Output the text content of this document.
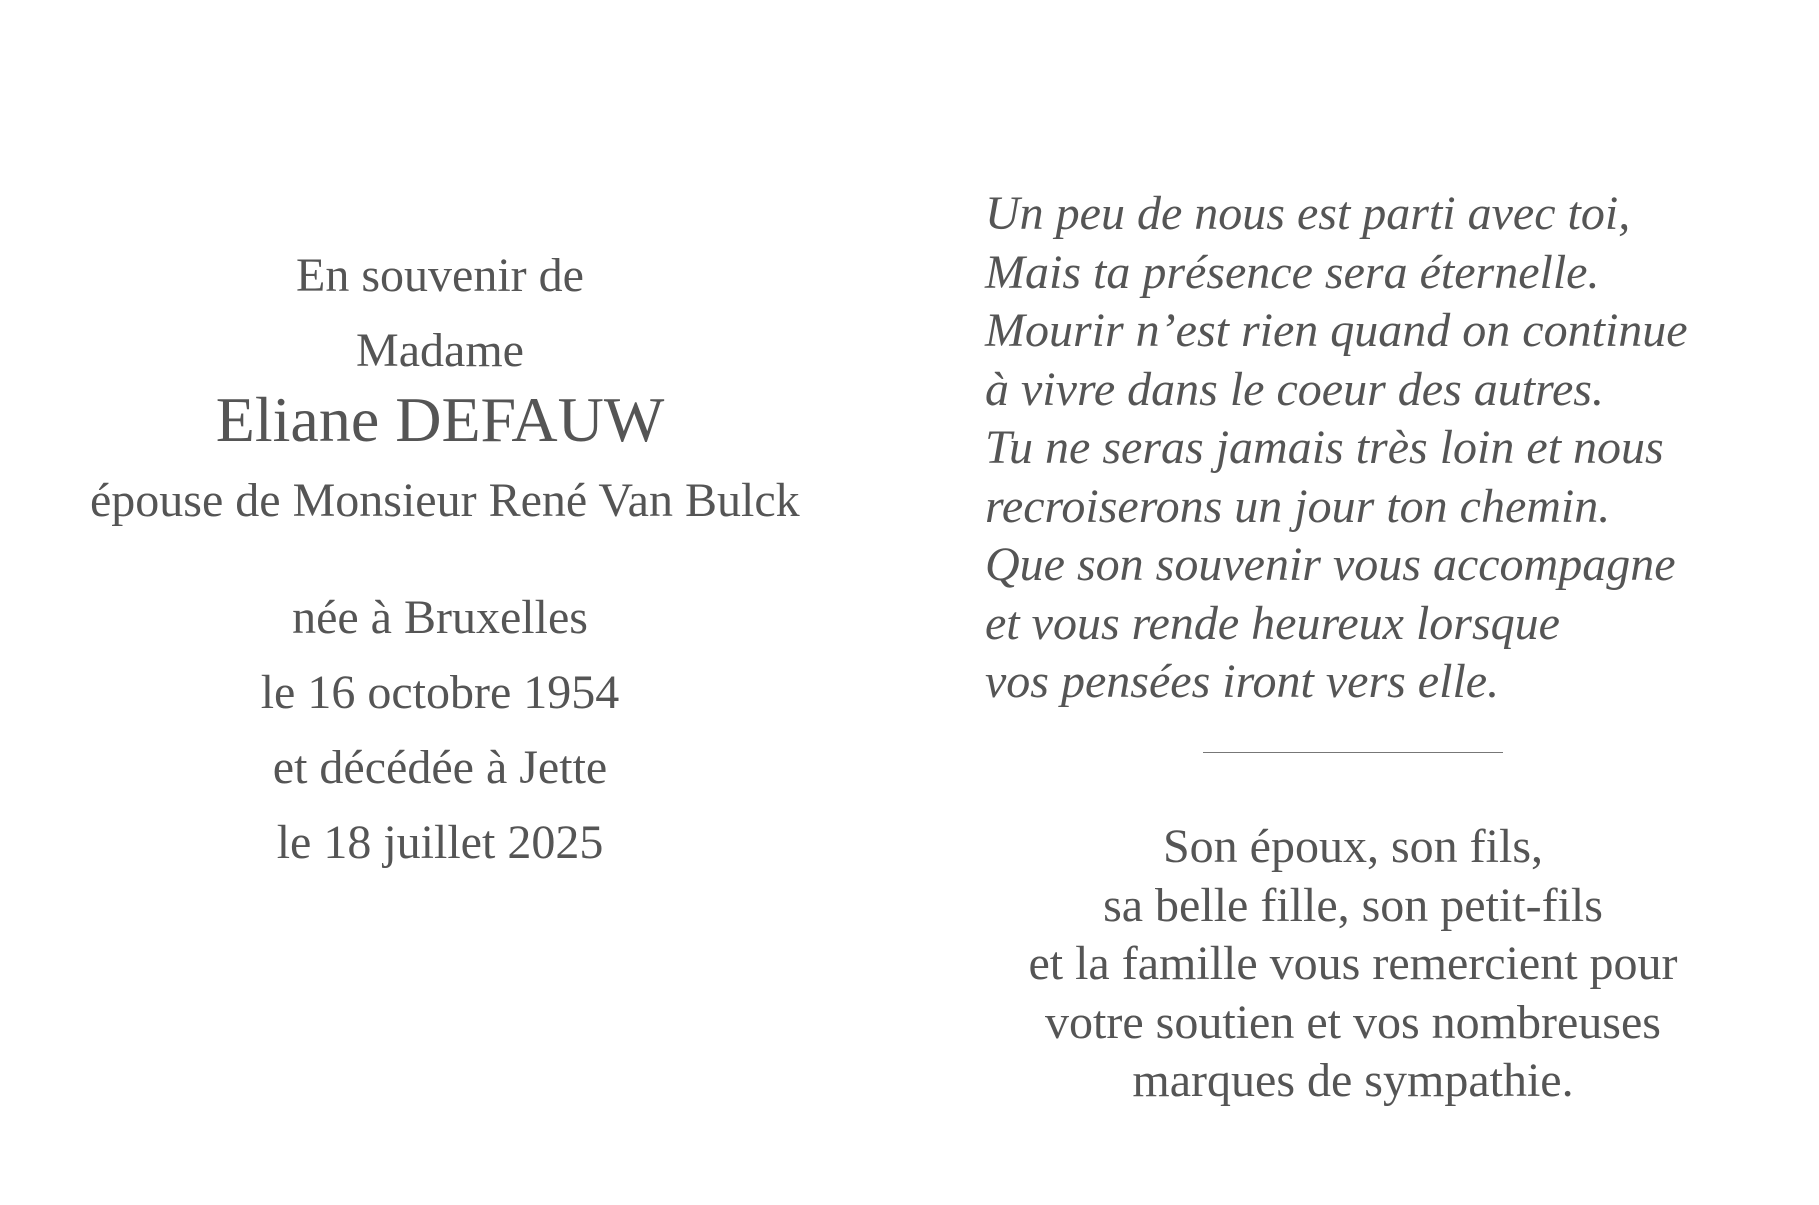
En souvenir de
Madame
Eliane DEFAUW
épouse de Monsieur René Van Bulck
née à Bruxelles
le 16 octobre 1954
et décédée à Jette
le 18 juillet 2025
Un peu de nous est parti avec toi,
Mais ta présence sera éternelle.
Mourir n’est rien quand on continue
à vivre dans le coeur des autres.
Tu ne seras jamais très loin et nous
recroiserons un jour ton chemin.
Que son souvenir vous accompagne
et vous rende heureux lorsque
vos pensées iront vers elle.
Son époux, son fils,
sa belle fille, son petit-fils
et la famille vous remercient pour
votre soutien et vos nombreuses
marques de sympathie.
